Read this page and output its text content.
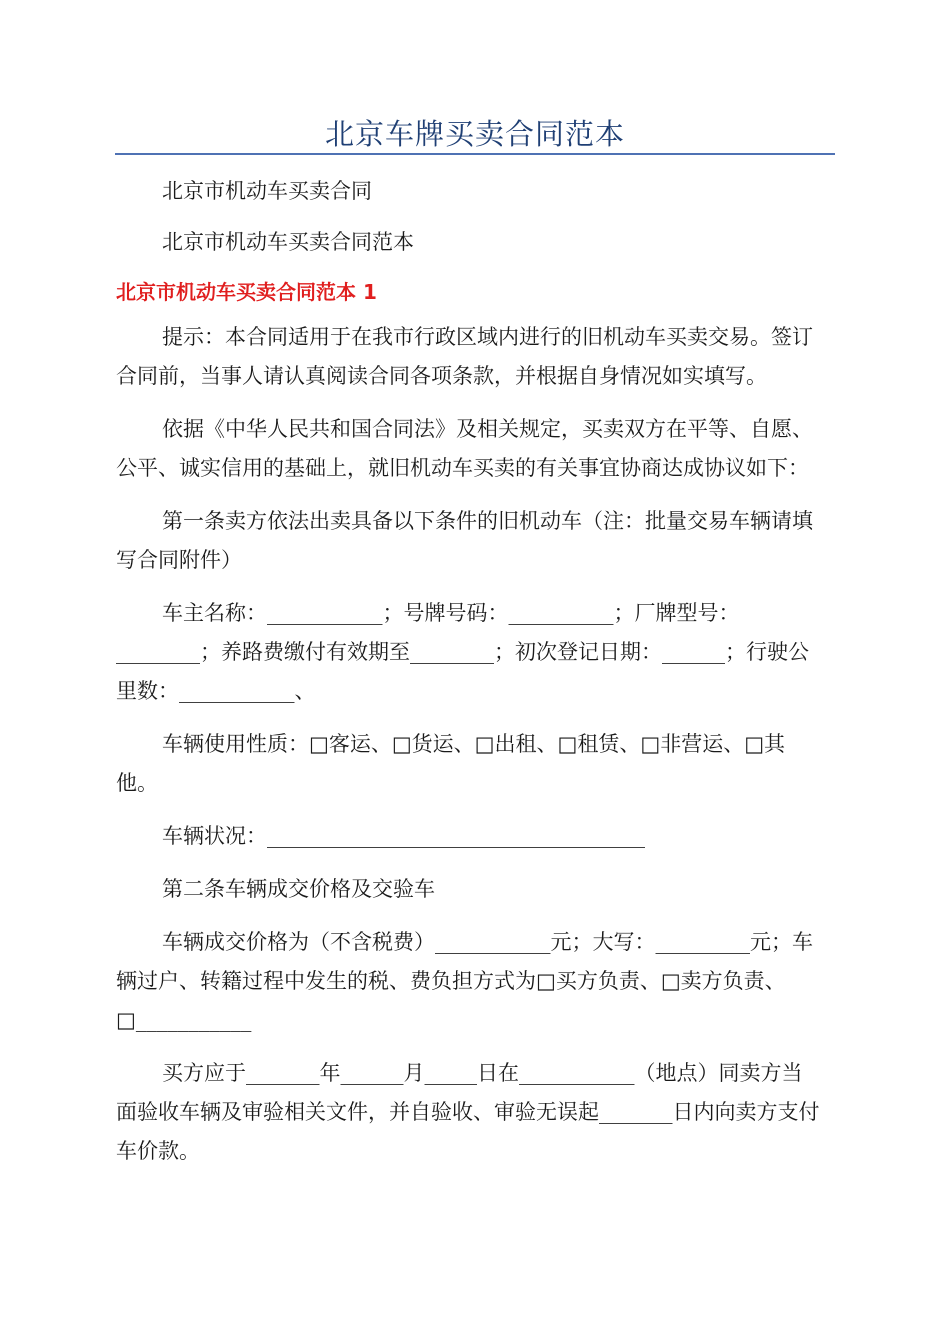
北京车牌买卖合同范本

北京市机动车买卖合同

北京市机动车买卖合同范本

北京市机动车买卖合同范本 1

提示：本合同适用于在我市行政区域内进行的旧机动车买卖交易。签订合同前，当事人请认真阅读合同各项条款，并根据自身情况如实填写。

依据《中华人民共和国合同法》及相关规定，买卖双方在平等、自愿、公平、诚实信用的基础上，就旧机动车买卖的有关事宜协商达成协议如下：

第一条卖方依法出卖具备以下条件的旧机动车（注：批量交易车辆请填写合同附件）

车主名称：___________；号牌号码：__________；厂牌型号：________；养路费缴付有效期至________；初次登记日期：______；行驶公里数：___________、

车辆使用性质：□客运、□货运、□出租、□租赁、□非营运、□其他。

车辆状况：____________________________________

第二条车辆成交价格及交验车

车辆成交价格为（不含税费）___________元；大写：_________元；车辆过户、转籍过程中发生的税、费负担方式为□买方负责、□卖方负责、□___________

买方应于_______年______月_____日在___________（地点）同卖方当面验收车辆及审验相关文件，并自验收、审验无误起_______日内向卖方支付车价款。
